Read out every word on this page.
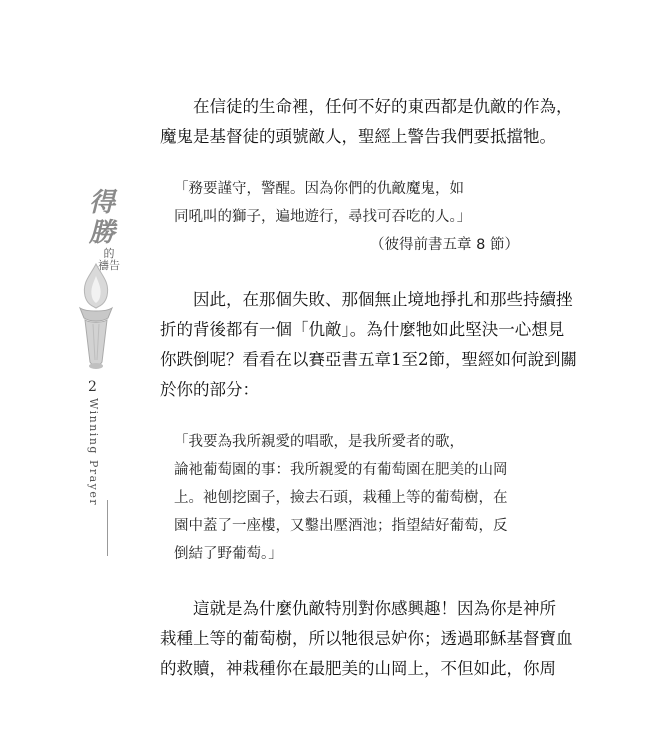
得
勝
的
禱告
2
Winning Prayer

　　在信徒的生命裡，任何不好的東西都是仇敵的作為，
魔鬼是基督徒的頭號敵人，聖經上警告我們要抵擋牠。

「務要謹守，警醒。因為你們的仇敵魔鬼，如
同吼叫的獅子，遍地遊行，尋找可吞吃的人。」

（彼得前書五章 8 節）

　　因此，在那個失敗、那個無止境地掙扎和那些持續挫
折的背後都有一個「仇敵」。為什麼牠如此堅決一心想見
你跌倒呢？看看在以賽亞書五章1至2節，聖經如何說到關
於你的部分：

「我要為我所親愛的唱歌，是我所愛者的歌，
論祂葡萄園的事：我所親愛的有葡萄園在肥美的山岡
上。祂刨挖園子，撿去石頭，栽種上等的葡萄樹，在
園中蓋了一座樓，又鑿出壓酒池；指望結好葡萄，反
倒結了野葡萄。」

　　這就是為什麼仇敵特別對你感興趣！因為你是神所
栽種上等的葡萄樹，所以牠很忌妒你；透過耶穌基督寶血
的救贖，神栽種你在最肥美的山岡上，不但如此，你周
